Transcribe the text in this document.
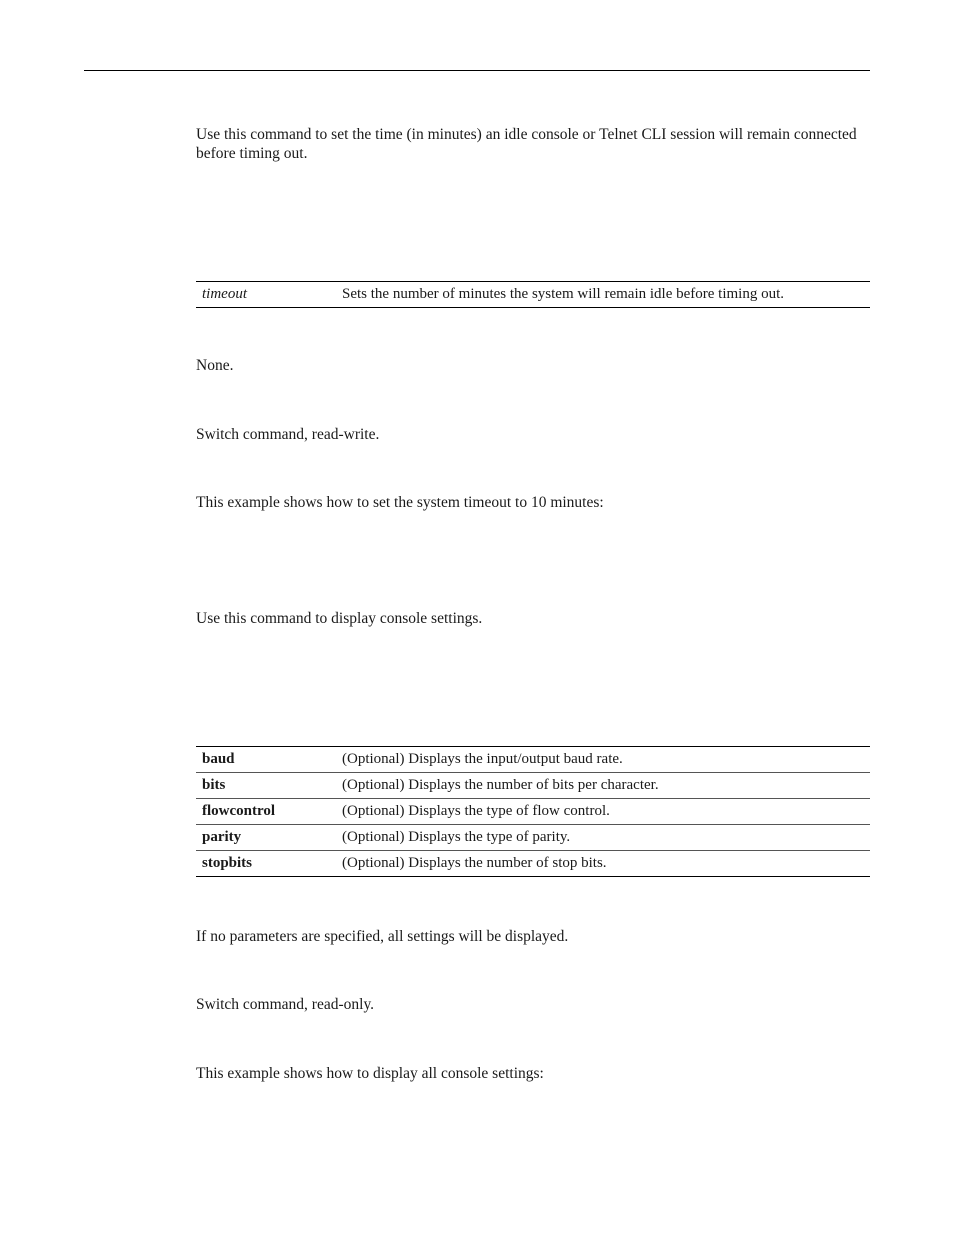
Use this command to set the time (in minutes) an idle console or Telnet CLI session will remain connected before timing out.

timeout	Sets the number of minutes the system will remain idle before timing out.

None.

Switch command, read-write.

This example shows how to set the system timeout to 10 minutes:

Use this command to display console settings.

baud	(Optional) Displays the input/output baud rate.
bits	(Optional) Displays the number of bits per character.
flowcontrol	(Optional) Displays the type of flow control.
parity	(Optional) Displays the type of parity.
stopbits	(Optional) Displays the number of stop bits.

If no parameters are specified, all settings will be displayed.

Switch command, read-only.

This example shows how to display all console settings:
